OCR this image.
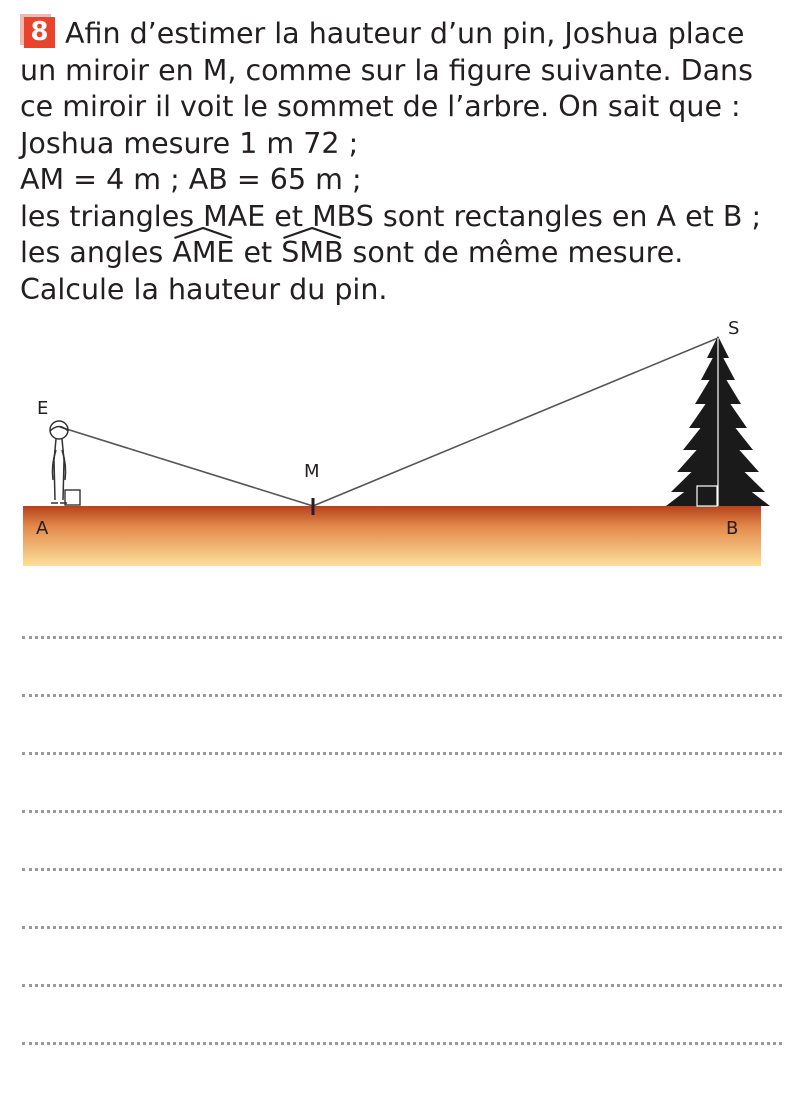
8 Afin d’estimer la hauteur d’un pin, Joshua place

un miroir en M, comme sur la figure suivante. Dans

ce miroir il voit le sommet de l’arbre. On sait que :

Joshua mesure 1 m 72 ;

AM = 4 m ; AB = 65 m ;

les triangles MAE et MBS sont rectangles en A et B ;

les angles
AME et
SMB sont de même mesure.

Calcule la hauteur du pin.

E
A
M
S
B
